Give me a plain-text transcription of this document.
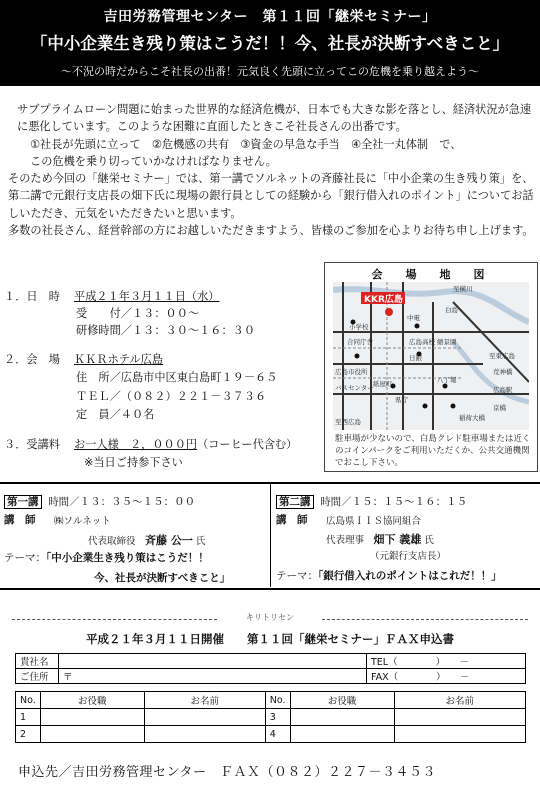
吉田労務管理センター　第１１回「継栄セミナー」
「中小企業生き残り策はこうだ！！今、社長が決断すべきこと」
～不況の時だからこそ社長の出番！元気良く先頭に立ってこの危機を乗り越えよう～

サブプライムローン問題に始まった世界的な経済危機が、日本でも大きな影を落とし、経済状況が急速に悪化しています。このような困難に直面したときこそ社長さんの出番です。

①社長が先頭に立って　②危機感の共有　③資金の早急な手当　④全社一丸体制　で、

この危機を乗り切っていかなければなりません。

そのため今回の「継栄セミナー」では、第一講でソルネットの斉藤社長に「中小企業の生き残り策」を、第二講で元銀行支店長の畑下氏に現場の銀行員としての経験から「銀行借入れのポイント」についてお話しいただき、元気をいただきたいと思います。

多数の社長さん、経営幹部の方にお越しいただきますよう、皆様のご参加を心よりお待ち申し上げます。

１．日　時 平成２１年３月１１日（水）
受　　付／１３：００～
研修時間／１３：３０～１６：３０
２．会　場 ＫＫＲホテル広島
住　所／広島市中区東白島町１９－６５
ＴＥＬ／（０８２）２２１－３７３６
定　員／４０名
３．受講料 お一人様　２，０００円（コーヒー代含む）
※当日ご持参下さい
会　場　地　図
KKR広島
至横川
白島
中電
小学校
合同庁舎	広島高校
日銀
広島市役所
縮景園
八丁堀
広島駅
紙屋町
バスセンター
県庁
至西広島
至東広島
荒神橋
稲荷大橋
京橋
駐車場が少ないので、白島クレド駐車場または近くのコインパークをご利用いただくか、公共交通機関でおこし下さい。
第一講 時間／１３：３５～１５：００
講　師 ㈱ソルネット
代表取締役　 斉藤 公一 氏
テーマ：「中小企業生き残り策はこうだ！！
今、社長が決断すべきこと」
第二講 時間／１５：１５～１６：１５
講　師 広島県ＩＩＳ協同組合
代表理事　 畑下 義雄 氏
（元銀行支店長）
テーマ：「銀行借入れのポイントはこれだ！！」
キリトリセン
平成２１年３月１１日開催　　第１１回「継栄セミナー」ＦＡＸ申込書
貴社名		TEL（　　　　）　　－
ご住所	〒	FAX（　　　　）　　－
No.	お役職	お名前	No.	お役職	お名前
1			3		
2			4		
申込先／吉田労務管理センター　ＦＡＸ（０８２）２２７－３４５３
